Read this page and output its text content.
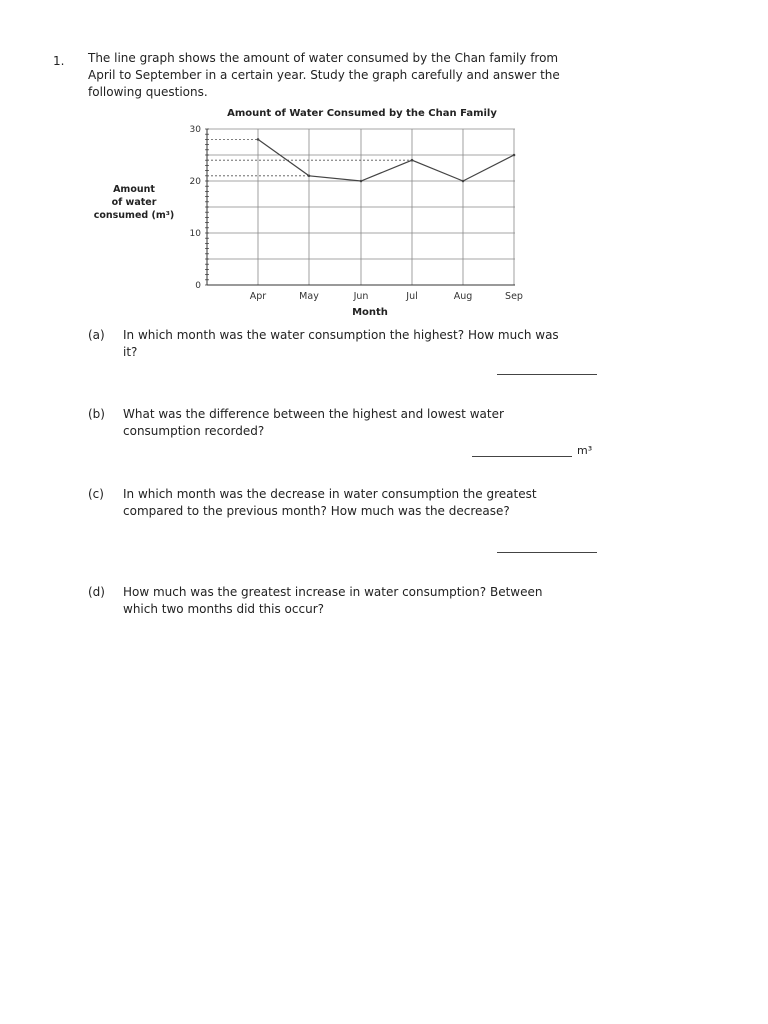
1. The line graph shows the amount of water consumed by the Chan family from April to September in a certain year. Study the graph carefully and answer the following questions.

Amount of Water Consumed by the Chan Family
Amount
of water
consumed (m³)
0
10
20
30
Apr	May	Jun	Jul	Aug	Sep
Month
(a) In which month was the water consumption the highest? How much was it?

(b) What was the difference between the highest and lowest water consumption recorded?

m³
(c) In which month was the decrease in water consumption the greatest compared to the previous month? How much was the decrease?

(d) How much was the greatest increase in water consumption? Between which two months did this occur?
